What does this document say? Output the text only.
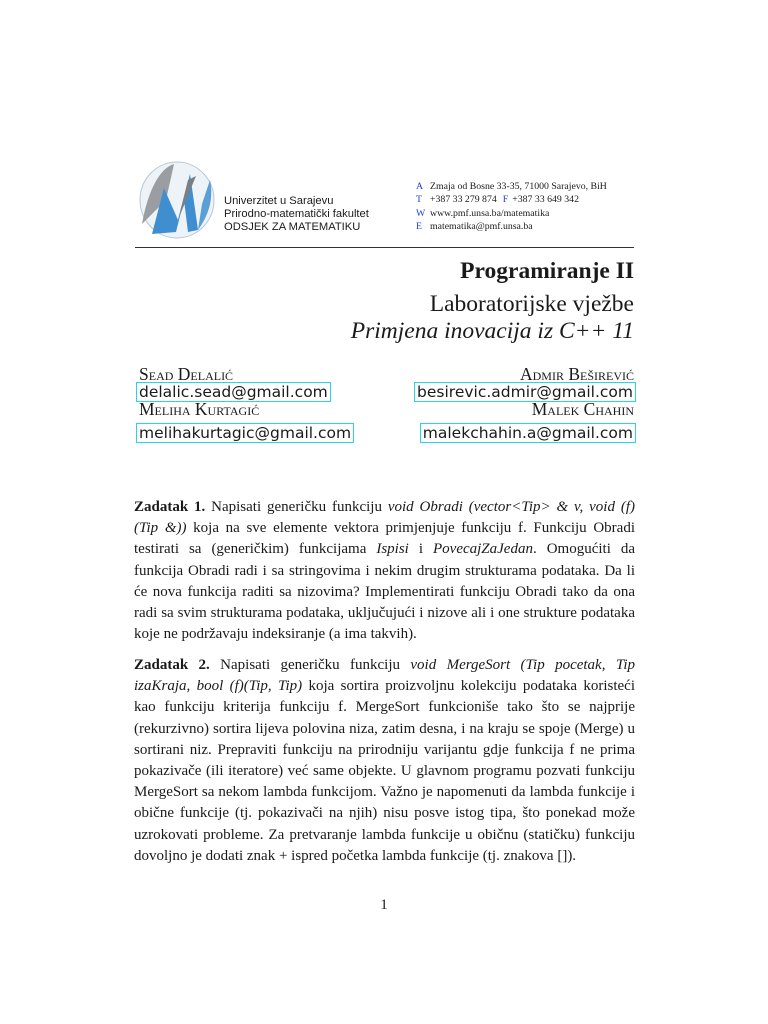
Univerzitet u Sarajevu
Prirodno-matematički fakultet
ODSJEK ZA MATEMATIKU
A Zmaja od Bosne 33-35, 71000 Sarajevo, BiH
T +387 33 279 874 F +387 33 649 342
W www.pmf.unsa.ba/matematika
E matematika@pmf.unsa.ba
Programiranje II
Laboratorijske vježbe
Primjena inovacija iz C++ 11
Sead Delalić
delalic.sead@gmail.com
Meliha Kurtagić
melihakurtagic@gmail.com
Admir Beširević
besirevic.admir@gmail.com
Malek Chahin
malekchahin.a@gmail.com
Zadatak 1. Napisati generičku funkciju void Obradi (vector<Tip> & v, void (f)(Tip &)) koja na sve elemente vektora primjenjuje funkciju f. Funkciju Obradi testirati sa (generičkim) funkcijama Ispisi i PovecajZaJedan. Omogućiti da funkcija Obradi radi i sa stringovima i nekim drugim strukturama podataka. Da li će nova funkcija raditi sa nizovima? Implementirati funkciju Obradi tako da ona radi sa svim strukturama podataka, uključujući i nizove ali i one strukture podataka koje ne podržavaju indeksiranje (a ima takvih).
Zadatak 2. Napisati generičku funkciju void MergeSort (Tip pocetak, Tip izaKraja, bool (f)(Tip, Tip) koja sortira proizvoljnu kolekciju podataka koristeći kao funkciju kriterija funkciju f. MergeSort funkcioniše tako što se najprije (rekurzivno) sortira lijeva polovina niza, zatim desna, i na kraju se spoje (Merge) u sortirani niz. Prepraviti funkciju na prirodniju varijantu gdje funkcija f ne prima pokazivače (ili iteratore) već same objekte. U glavnom programu pozvati funkciju MergeSort sa nekom lambda funkcijom. Važno je napomenuti da lambda funkcije i obične funkcije (tj. pokazivači na njih) nisu posve istog tipa, što ponekad može uzrokovati probleme. Za pretvaranje lambda funkcije u običnu (statičku) funkciju dovoljno je dodati znak + ispred početka lambda funkcije (tj. znakova []).
1
